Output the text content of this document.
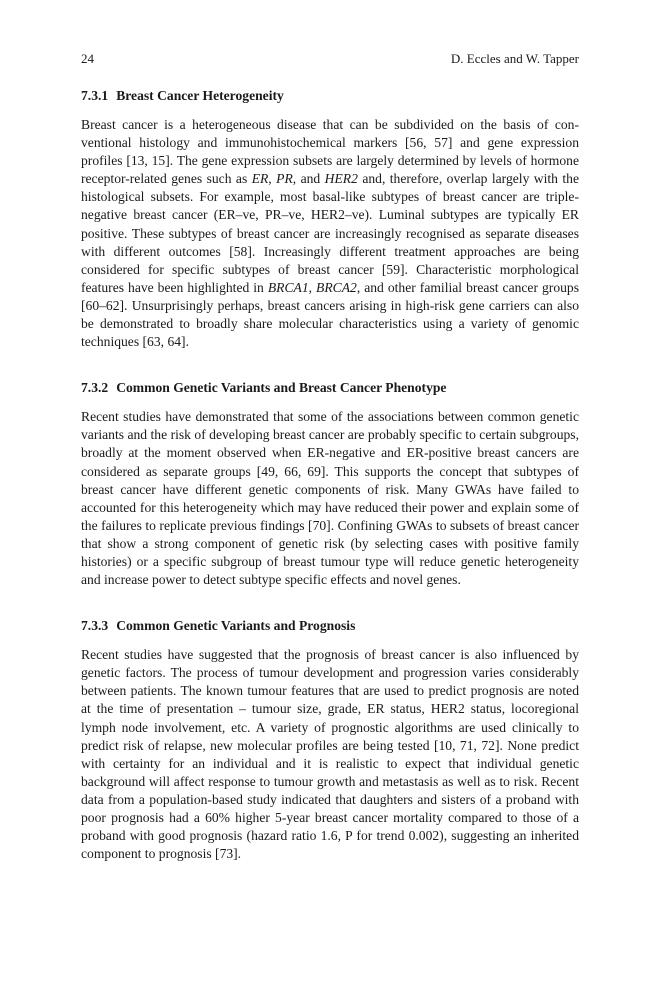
24	D. Eccles and W. Tapper
7.3.1 Breast Cancer Heterogeneity

Breast cancer is a heterogeneous disease that can be subdivided on the basis of conventional histology and immunohistochemical markers [56, 57] and gene expression profiles [13, 15]. The gene expression subsets are largely determined by levels of hormone receptor-related genes such as ER, PR, and HER2 and, therefore, overlap largely with the histological subsets. For example, most basal-like subtypes of breast cancer are triple-negative breast cancer (ER–ve, PR–ve, HER2–ve). Luminal subtypes are typically ER positive. These subtypes of breast cancer are increasingly recognised as separate diseases with different outcomes [58]. Increasingly different treatment approaches are being considered for specific subtypes of breast cancer [59]. Characteristic morphological features have been highlighted in BRCA1, BRCA2, and other familial breast cancer groups [60–62]. Unsurprisingly perhaps, breast cancers arising in high-risk gene carriers can also be demonstrated to broadly share molecular characteristics using a variety of genomic techniques [63, 64].

7.3.2 Common Genetic Variants and Breast Cancer Phenotype

Recent studies have demonstrated that some of the associations between common genetic variants and the risk of developing breast cancer are probably specific to certain subgroups, broadly at the moment observed when ER-negative and ER-positive breast cancers are considered as separate groups [49, 66, 69]. This supports the concept that subtypes of breast cancer have different genetic components of risk. Many GWAs have failed to accounted for this heterogeneity which may have reduced their power and explain some of the failures to replicate previous findings [70]. Confining GWAs to subsets of breast cancer that show a strong component of genetic risk (by selecting cases with positive family histories) or a specific subgroup of breast tumour type will reduce genetic heterogeneity and increase power to detect subtype specific effects and novel genes.

7.3.3 Common Genetic Variants and Prognosis

Recent studies have suggested that the prognosis of breast cancer is also influenced by genetic factors. The process of tumour development and progression varies considerably between patients. The known tumour features that are used to predict prognosis are noted at the time of presentation – tumour size, grade, ER status, HER2 status, locoregional lymph node involvement, etc. A variety of prognostic algorithms are used clinically to predict risk of relapse, new molecular profiles are being tested [10, 71, 72]. None predict with certainty for an individual and it is realistic to expect that individual genetic background will affect response to tumour growth and metastasis as well as to risk. Recent data from a population-based study indicated that daughters and sisters of a proband with poor prognosis had a 60% higher 5-year breast cancer mortality compared to those of a proband with good prognosis (hazard ratio 1.6, P for trend 0.002), suggesting an inherited component to prognosis [73].
